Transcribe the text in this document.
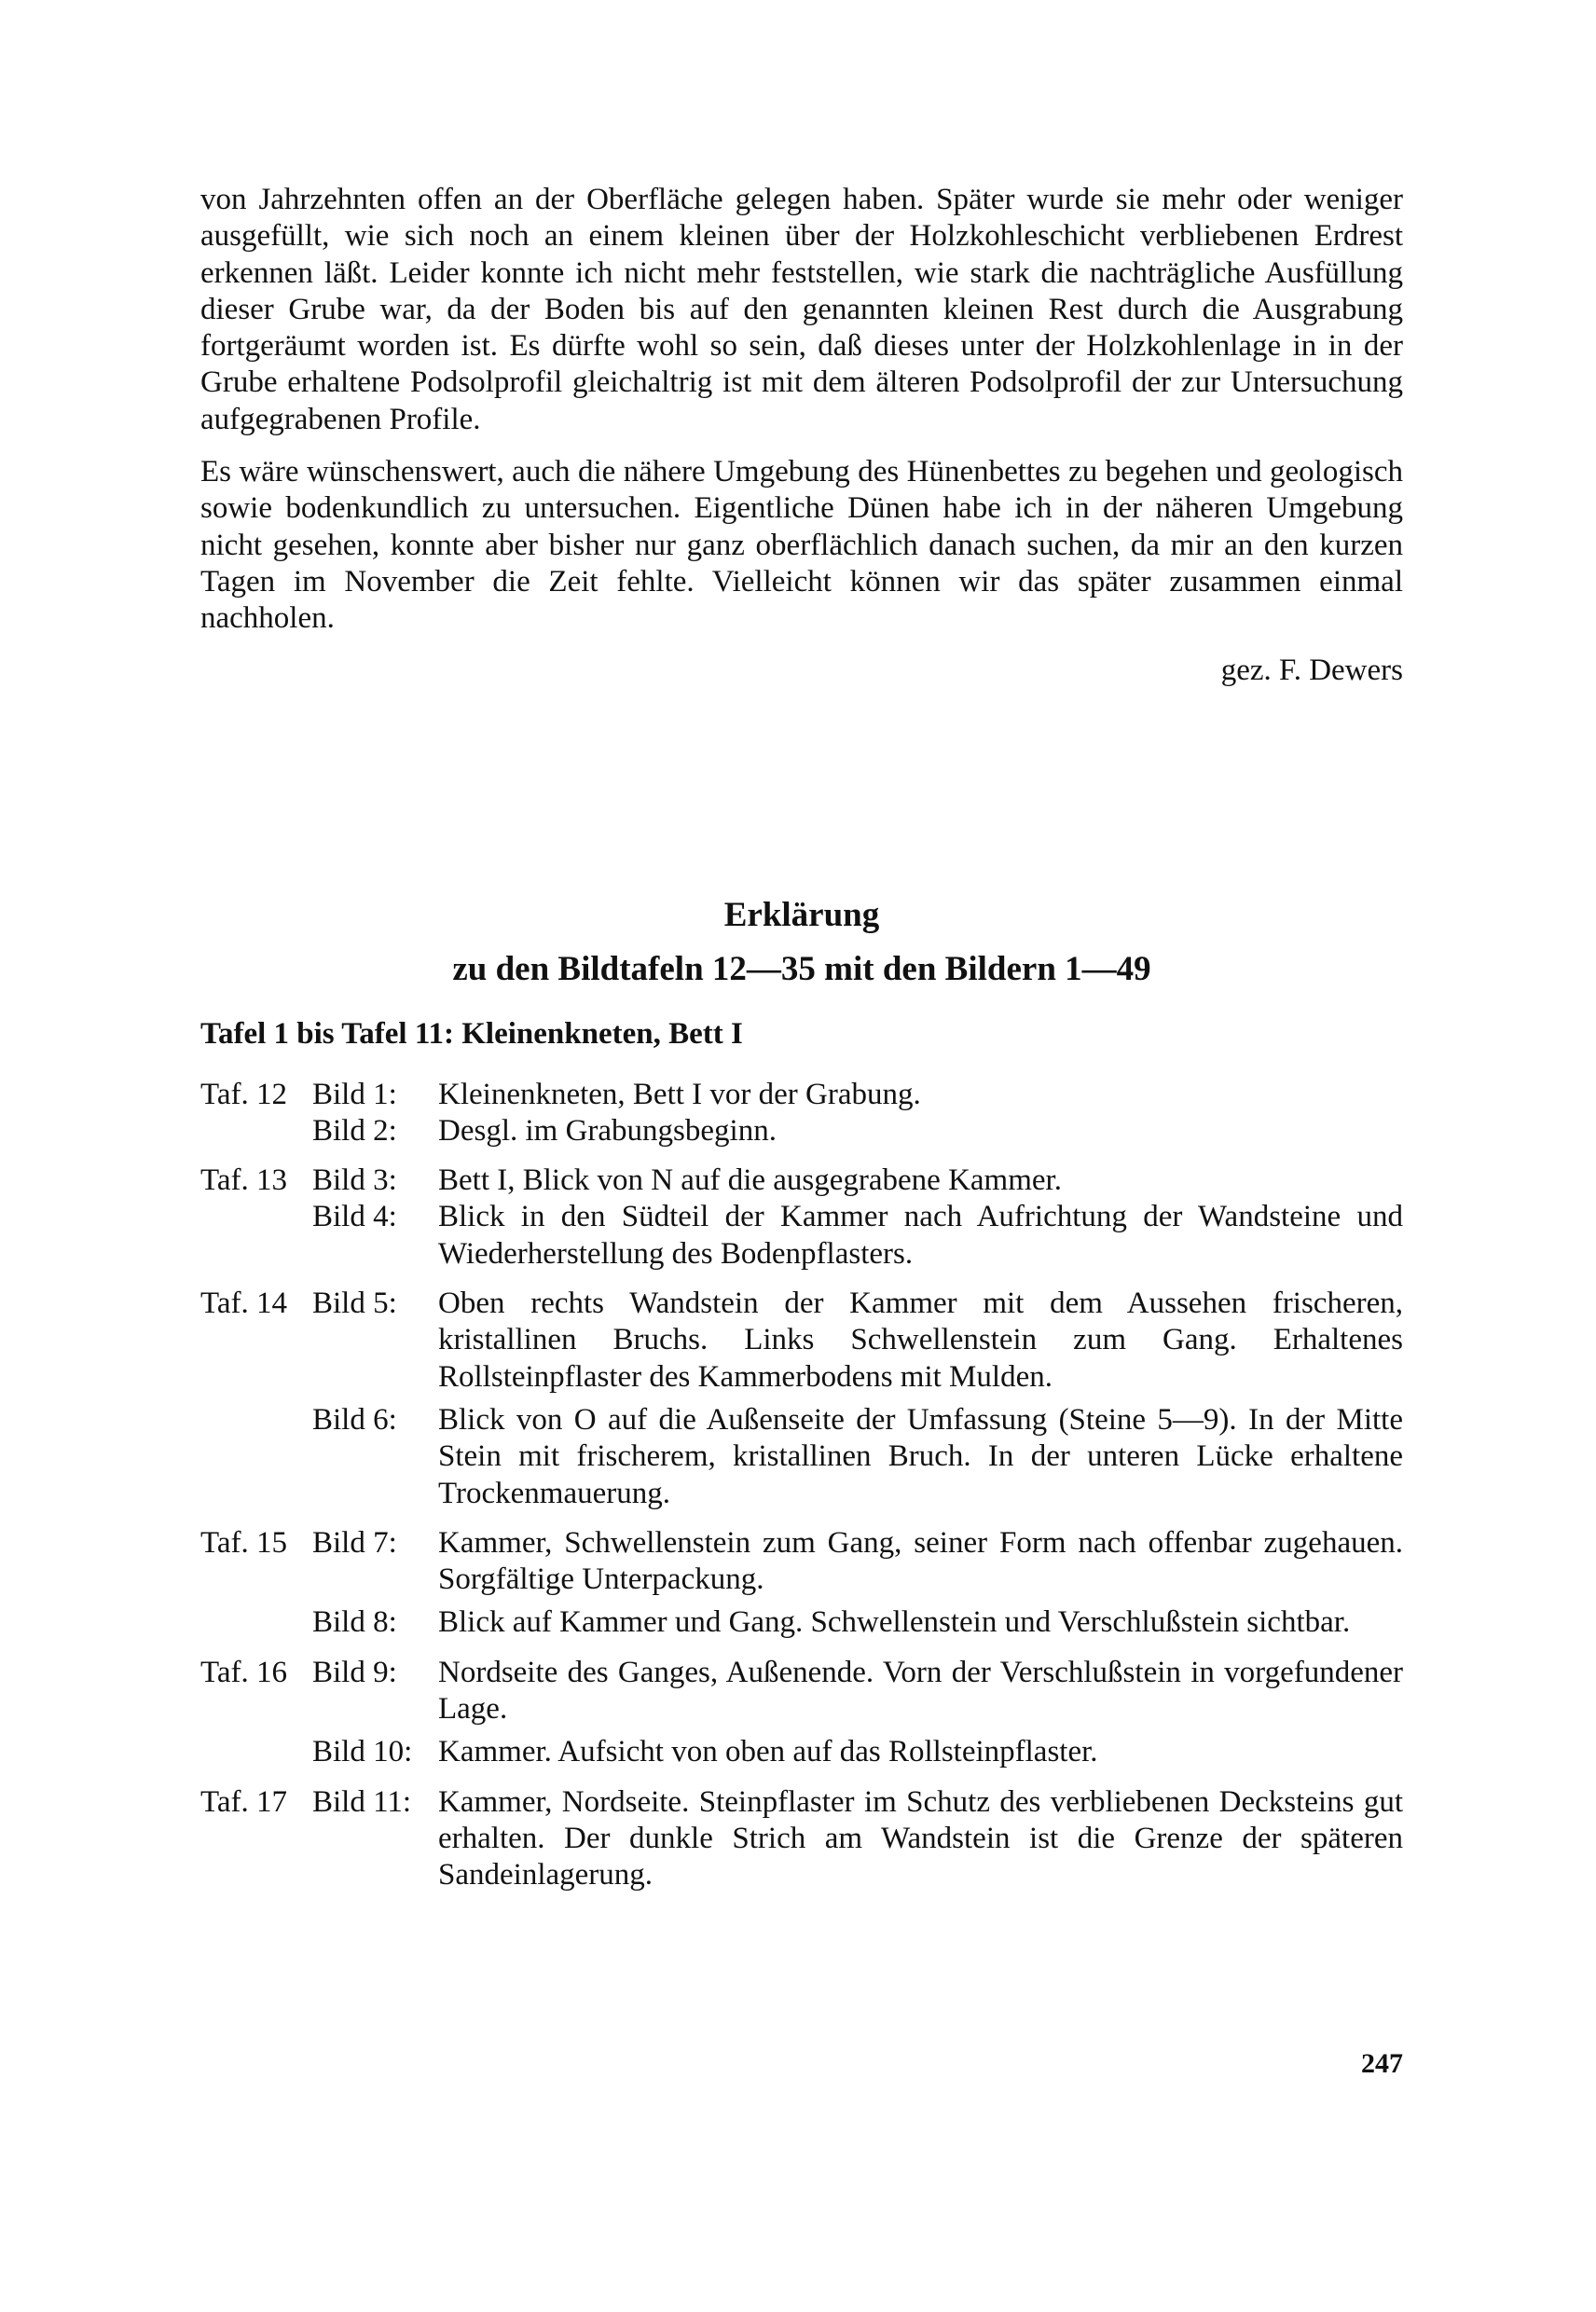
von Jahrzehnten offen an der Oberfläche gelegen haben. Später wurde sie mehr oder weniger ausgefüllt, wie sich noch an einem kleinen über der Holzkohleschicht verbliebenen Erdrest erkennen läßt. Leider konnte ich nicht mehr feststellen, wie stark die nachträgliche Ausfüllung dieser Grube war, da der Boden bis auf den genannten kleinen Rest durch die Ausgrabung fortgeräumt worden ist. Es dürfte wohl so sein, daß dieses unter der Holzkohlenlage in in der Grube erhaltene Podsolprofil gleichaltrig ist mit dem älteren Podsolprofil der zur Untersuchung aufgegrabenen Profile.

Es wäre wünschenswert, auch die nähere Umgebung des Hünenbettes zu begehen und geologisch sowie bodenkundlich zu untersuchen. Eigentliche Dünen habe ich in der näheren Umgebung nicht gesehen, konnte aber bisher nur ganz oberflächlich danach suchen, da mir an den kurzen Tagen im November die Zeit fehlte. Vielleicht können wir das später zusammen einmal nachholen.

gez. F. Dewers
Erklärung
zu den Bildtafeln 12—35 mit den Bildern 1—49
Tafel 1 bis Tafel 11: Kleinenkneten, Bett I
Taf. 12 Bild 1:	Kleinenkneten, Bett I vor der Grabung.
Bild 2:	Desgl. im Grabungsbeginn.
Taf. 13 Bild 3:	Bett I, Blick von N auf die ausgegrabene Kammer.
Bild 4:	Blick in den Südteil der Kammer nach Aufrichtung der Wandsteine und Wiederherstellung des Bodenpflasters.
Taf. 14 Bild 5:	Oben rechts Wandstein der Kammer mit dem Aussehen frischeren, kristallinen Bruchs. Links Schwellenstein zum Gang. Erhaltenes Rollsteinpflaster des Kammerbodens mit Mulden.
Bild 6:	Blick von O auf die Außenseite der Umfassung (Steine 5—9). In der Mitte Stein mit frischerem, kristallinen Bruch. In der unteren Lücke erhaltene Trockenmauerung.
Taf. 15 Bild 7:	Kammer, Schwellenstein zum Gang, seiner Form nach offenbar zugehauen. Sorgfältige Unterpackung.
Bild 8:	Blick auf Kammer und Gang. Schwellenstein und Verschlußstein sichtbar.
Taf. 16 Bild 9:	Nordseite des Ganges, Außenende. Vorn der Verschlußstein in vorgefundener Lage.
Bild 10: Kammer. Aufsicht von oben auf das Rollsteinpflaster.
Taf. 17 Bild 11: Kammer, Nordseite. Steinpflaster im Schutz des verbliebenen Decksteins gut erhalten. Der dunkle Strich am Wandstein ist die Grenze der späteren Sandeinlagerung.
247
